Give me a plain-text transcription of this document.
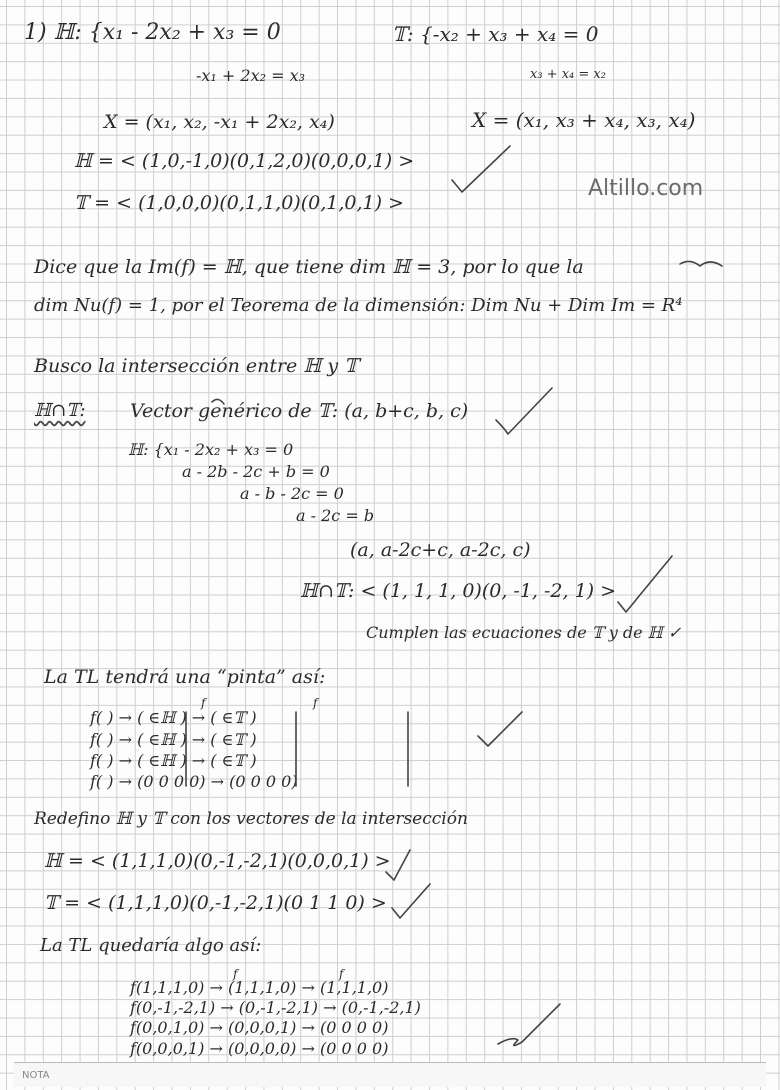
Altillo.com
1) ℍ: {x₁ - 2x₂ + x₃ = 0	𝕋: {-x₂ + x₃ + x₄ = 0
-x₁ + 2x₂ = x₃	x₃ + x₄ = x₂
X = (x₁, x₂, -x₁ + 2x₂, x₄)	X = (x₁, x₃ + x₄, x₃, x₄)
ℍ = < (1,0,-1,0)(0,1,2,0)(0,0,0,1) >
𝕋 = < (1,0,0,0)(0,1,1,0)(0,1,0,1) >
Dice que la Im(f) = ℍ, que tiene dim ℍ = 3, por lo que la
dim Nu(f) = 1, por el Teorema de la dimensión: Dim Nu + Dim Im = R⁴
Busco la intersección entre ℍ y 𝕋
ℍ∩𝕋: Vector genérico de 𝕋: (a, b+c, b, c)
ℍ: {x₁ - 2x₂ + x₃ = 0
a - 2b - 2c + b = 0
a - b - 2c = 0
a - 2c = b
(a, a-2c+c, a-2c, c)
ℍ∩𝕋: < (1, 1, 1, 0)(0, -1, -2, 1) >
Cumplen las ecuaciones de 𝕋 y de ℍ ✓
La TL tendrá una “pinta” así:
f	f
f( ) → ( ∈ℍ ) → ( ∈𝕋 )
f( ) → ( ∈ℍ ) → ( ∈𝕋 )
f( ) → ( ∈ℍ ) → ( ∈𝕋 )
f( ) → (0 0 0 0) → (0 0 0 0)
Redefino ℍ y 𝕋 con los vectores de la intersección
ℍ = < (1,1,1,0)(0,-1,-2,1)(0,0,0,1) >
𝕋 = < (1,1,1,0)(0,-1,-2,1)(0 1 1 0) >
La TL quedaría algo así:
f	f
f(1,1,1,0) → (1,1,1,0) → (1,1,1,0)
f(0,-1,-2,1) → (0,-1,-2,1) → (0,-1,-2,1)
f(0,0,1,0) → (0,0,0,1) → (0 0 0 0)
f(0,0,0,1) → (0,0,0,0) → (0 0 0 0)
NOTA
